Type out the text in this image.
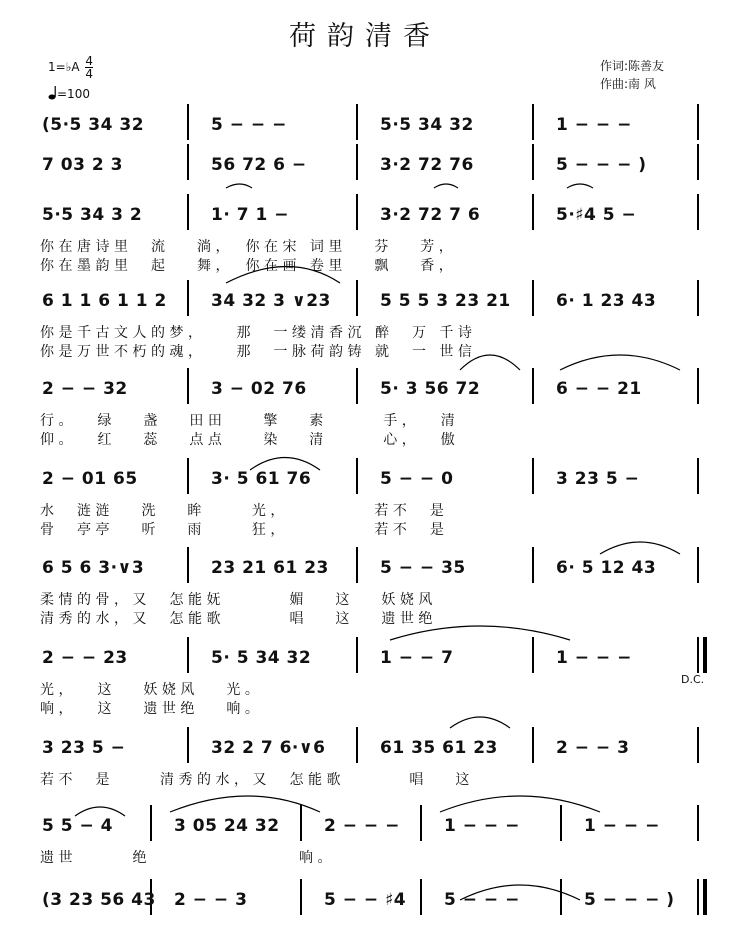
荷韵清香
1=♭A $\frac{4}{4}$
=100
作词:陈善友
作曲:南 风
(5·5 34 32	5 − − −	5·5 34 32	1 − − −
7 03 2 3	56 72 6 −	3·2 72 76	5 − − − )
5·5 34 3 2	1· 7 1 −	3·2 72 7 6	5·♯4 5 −
你在唐诗里　流　 淌，　你在宋 词里　 芬　 芳，
你在墨韵里　起　 舞，　你在画 卷里　 飘　 香，
6 1 1 6 1 1 2	34 32 3 ∨23	5 5 5 3 23 21	6· 1 23 43
你是千古文人的梦，　　那　一缕清香沉 醉　万 千诗
你是万世不朽的魂，　　那　一脉荷韵铸 就　一 世信
2 − − 32	3 − 02 76	5· 3 56 72	6 − − 21
行。　 绿　 盏　 田田　　擎　 素　　　手，　 清
仰。　 红　 蕊　 点点　　染　 清　　　心，　 傲
2 − 01 65	3· 5 61 76	5 − − 0	3 23 5 −
水　涟涟　 洗　 眸　　 光，　　　　　若不　是
骨　亭亭　 听　 雨　　 狂，　　　　　若不　是
6 5 6 3·∨3	23 21 61 23	5 − − 35	6· 5 12 43
柔情的骨，又　怎能妩　　　 媚　 这　 妖娆风
清秀的水，又　怎能歌　　　 唱　 这　 遗世绝
2 − − 23	5· 5 34 32	1 − − 7	1 − − −
光，　 这　 妖娆风　 光。
响，　 这　 遗世绝　 响。
3 23 5 −	32 2 7 6·∨6	61 35 61 23	2 − − 3
若不　是　　 清秀的水，又　怎能歌　　　 唱　 这
5 5 − 4	3 05 24 32	2 − − −	1 − − −	1 − − −
遗世　　　绝　　　　　　　　响。
(3 23 56 43 2 − − 3	5 − − ♯4 5 − − −	5 − − − )
D.C.
